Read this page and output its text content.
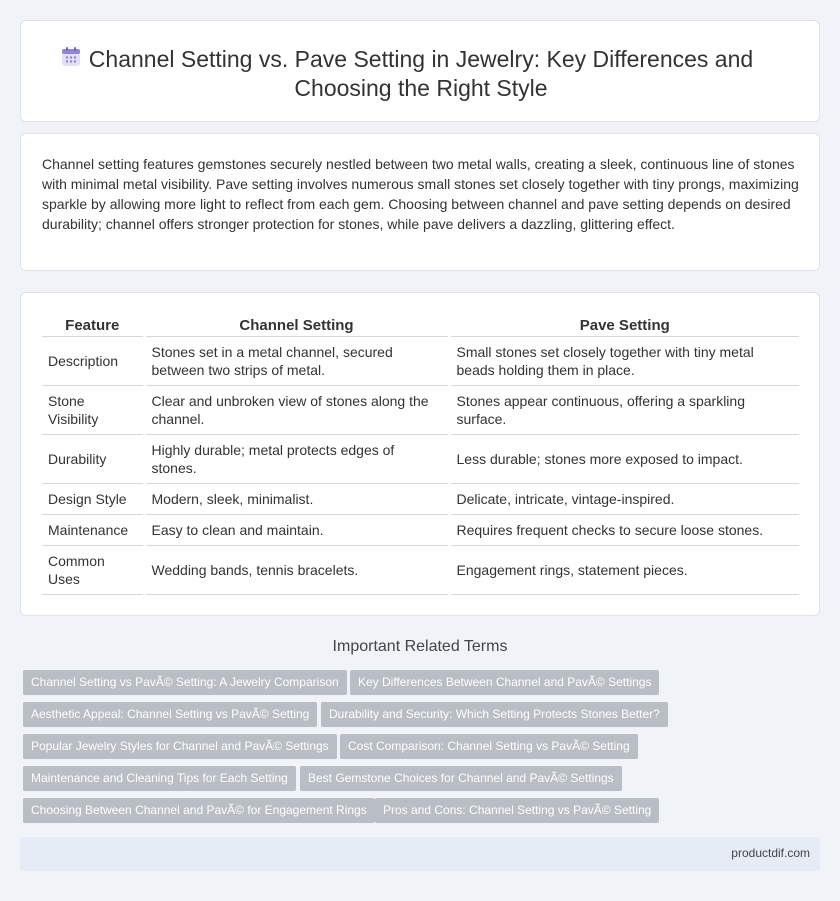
Channel Setting vs. Pave Setting in Jewelry: Key Differences and Choosing the Right Style

Channel setting features gemstones securely nestled between two metal walls, creating a sleek, continuous line of stones with minimal metal visibility. Pave setting involves numerous small stones set closely together with tiny prongs, maximizing sparkle by allowing more light to reflect from each gem. Choosing between channel and pave setting depends on desired durability; channel offers stronger protection for stones, while pave delivers a dazzling, glittering effect.

Feature	Channel Setting	Pave Setting
Description	Stones set in a metal channel, secured between two strips of metal.	Small stones set closely together with tiny metal beads holding them in place.
Stone Visibility	Clear and unbroken view of stones along the channel.	Stones appear continuous, offering a sparkling surface.
Durability	Highly durable; metal protects edges of stones.	Less durable; stones more exposed to impact.
Design Style	Modern, sleek, minimalist.	Delicate, intricate, vintage-inspired.
Maintenance	Easy to clean and maintain.	Requires frequent checks to secure loose stones.
Common Uses	Wedding bands, tennis bracelets.	Engagement rings, statement pieces.
Important Related Terms
Channel Setting vs PavÃ© Setting: A Jewelry Comparison	Key Differences Between Channel and PavÃ© Settings
Aesthetic Appeal: Channel Setting vs PavÃ© Setting	Durability and Security: Which Setting Protects Stones Better?
Popular Jewelry Styles for Channel and PavÃ© Settings	Cost Comparison: Channel Setting vs PavÃ© Setting
Maintenance and Cleaning Tips for Each Setting	Best Gemstone Choices for Channel and PavÃ© Settings
Choosing Between Channel and PavÃ© for Engagement Rings	Pros and Cons: Channel Setting vs PavÃ© Setting
productdif.com
